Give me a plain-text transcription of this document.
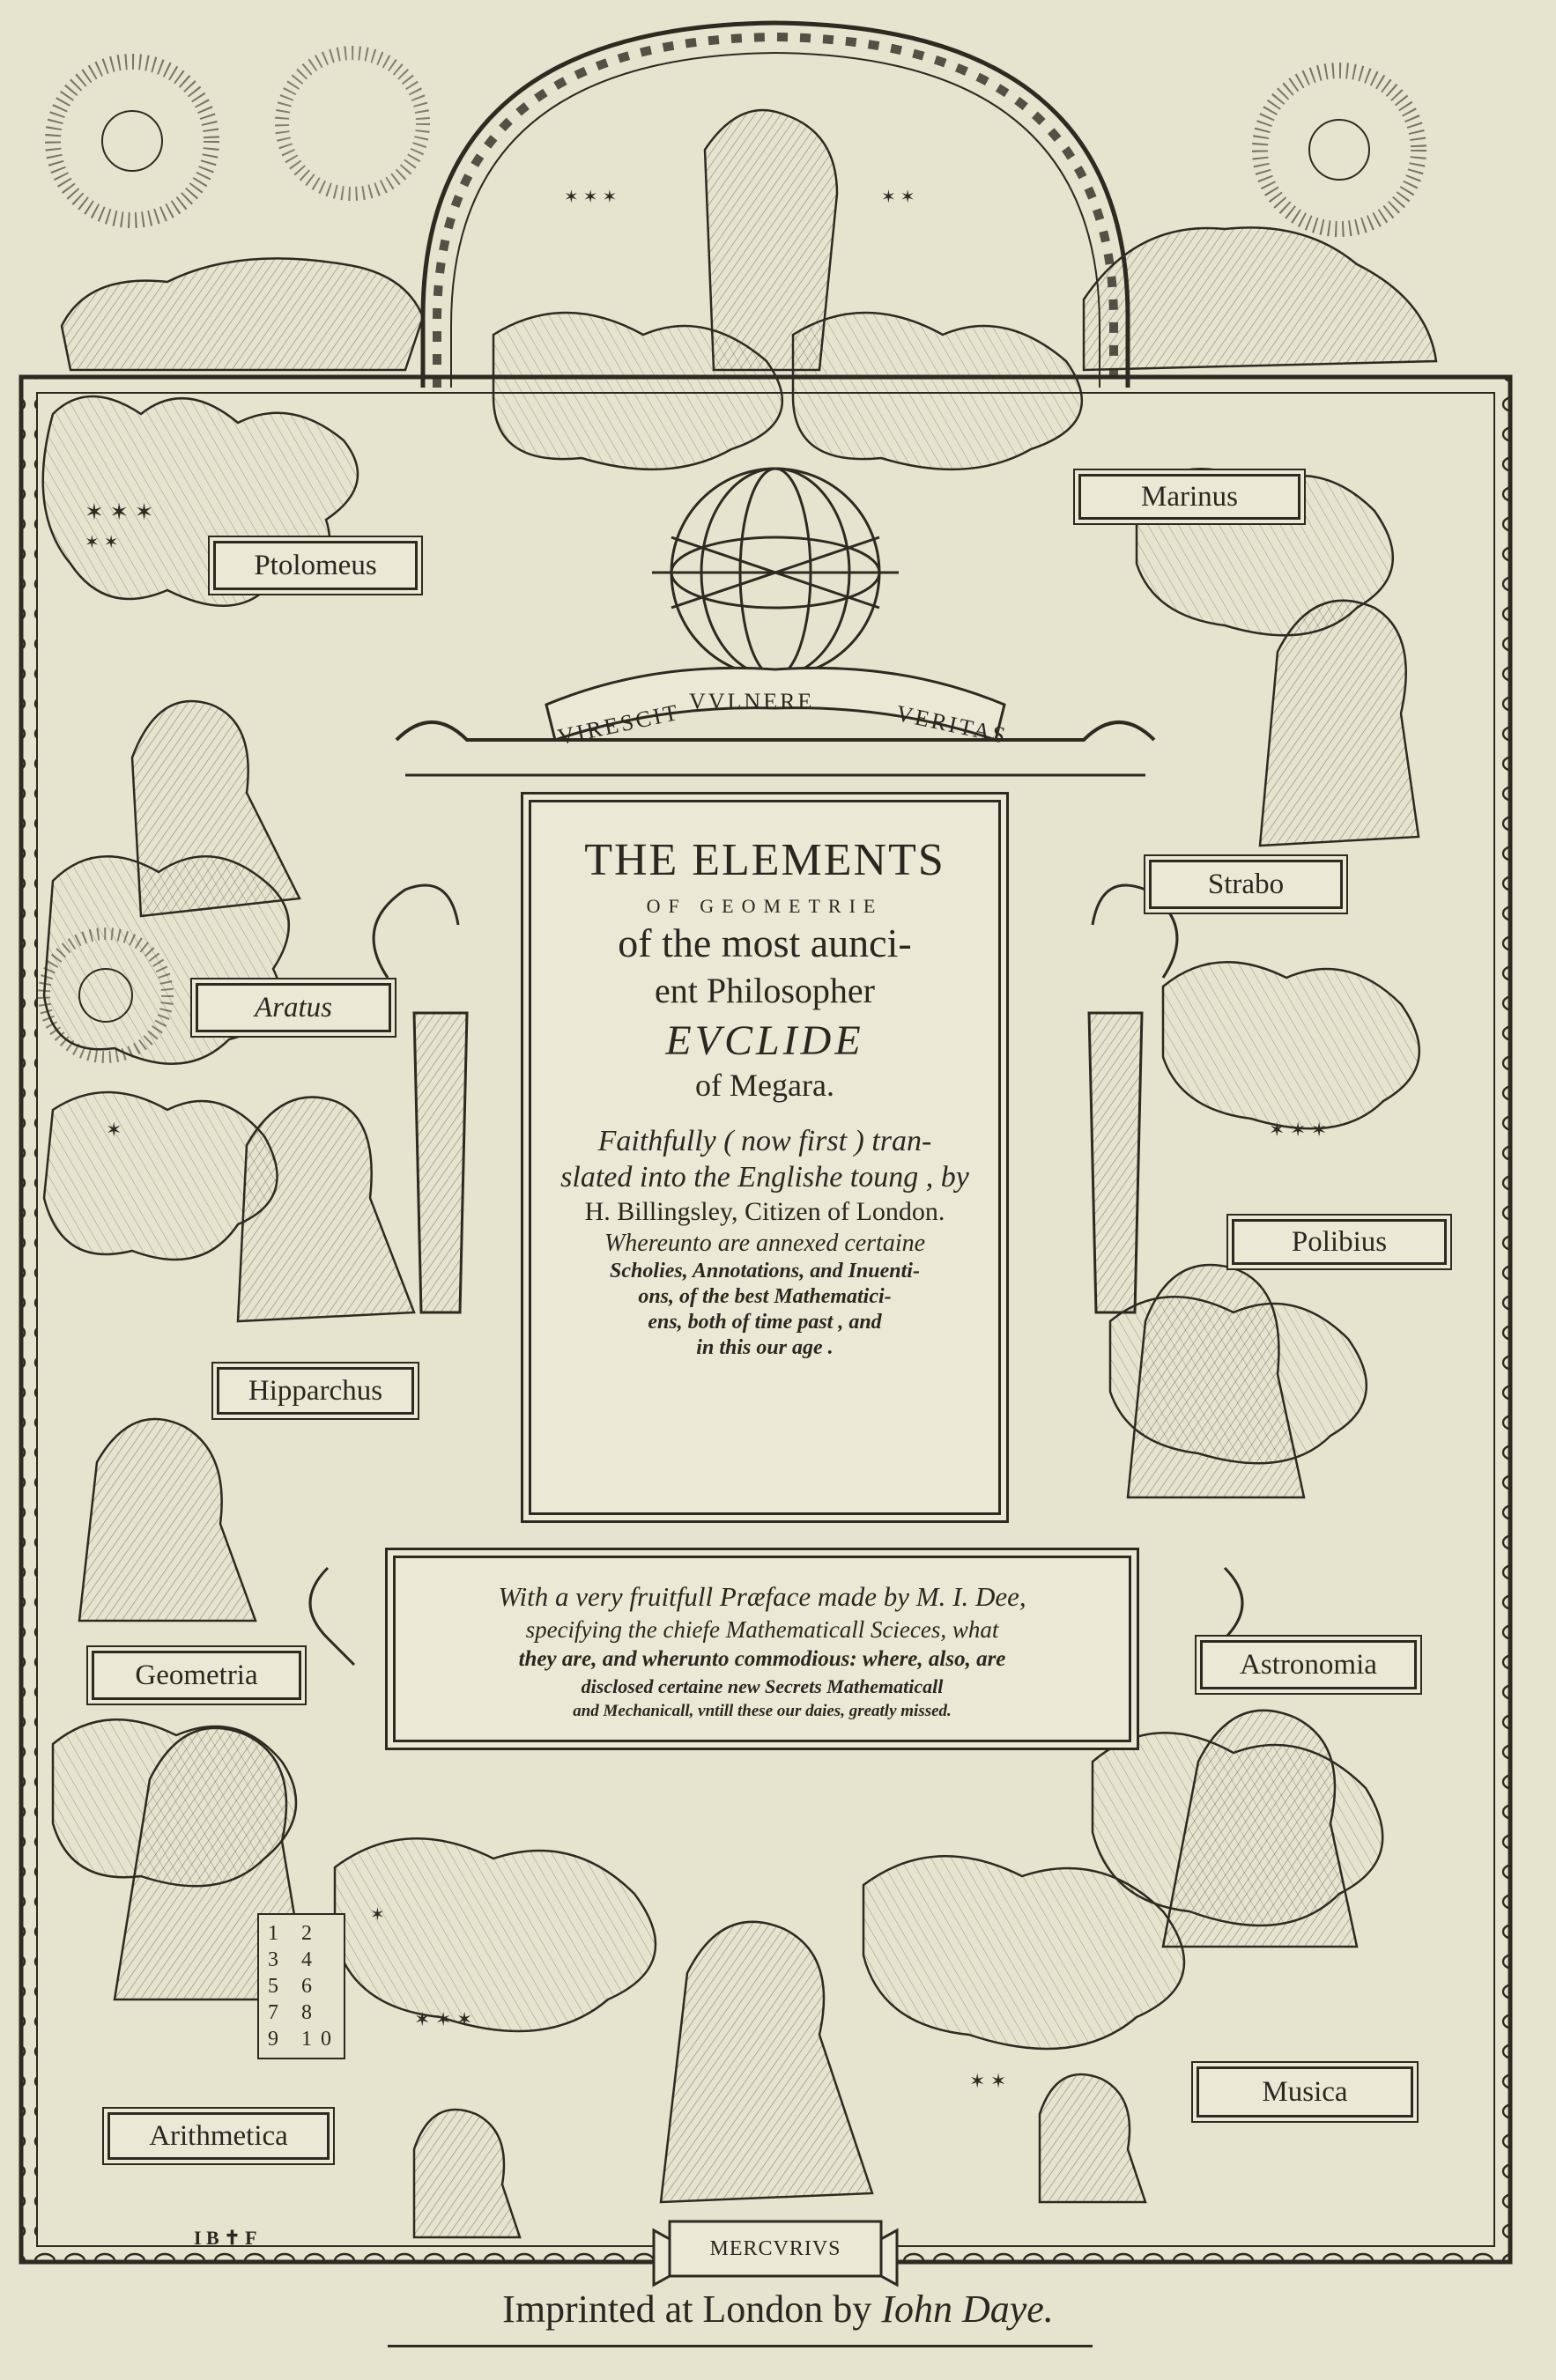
✶ ✶ ✶
✶ ✶
✶	✶ ✶ ✶
✶ ✶ ✶	✶ ✶
✶ ✶ ✶
✶ ✶
✶
VIRESCIT VVLNERE	VERITAS
Ptolomeus
Marinus
Aratus
Strabo
Polibius
Hipparchus
Geometria	Astronomia
Arithmetica
Musica
MERCVRIVS
1 2
3 4
5 6
7 8
9 10
I B ✝ F
THE ELEMENTS
OF GEOMETRIE
of the most aunci-
ent Philosopher
EVCLIDE
of Megara.

Faithfully ( now first ) tran-

slated into the Englishe toung , by

H. Billingsley, Citizen of London.

Whereunto are annexed certaine

Scholies, Annotations, and Inuenti-

ons, of the best Mathematici-

ens, both of time past , and

in this our age .

With a very fruitfull Præface made by M. I. Dee,

specifying the chiefe Mathematicall Scieces, what

they are, and wherunto commodious: where, also, are

disclosed certaine new Secrets Mathematicall

and Mechanicall, vntill these our daies, greatly missed.

Imprinted at London by Iohn Daye.
